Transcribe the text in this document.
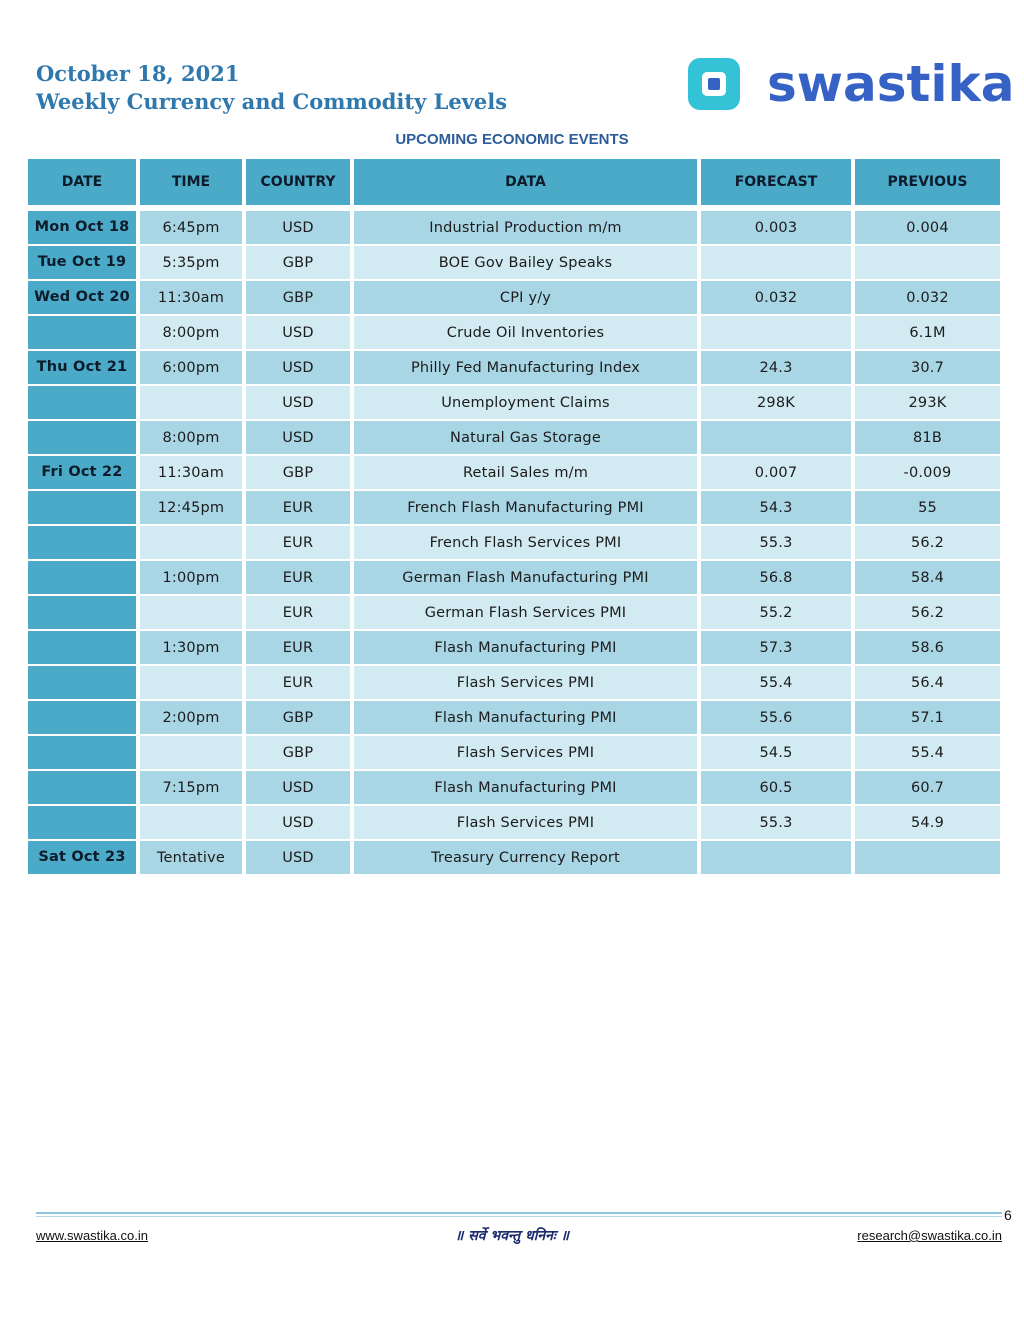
October 18, 2021
Weekly Currency and Commodity Levels	swastika
UPCOMING ECONOMIC EVENTS
DATE	TIME	COUNTRY	DATA	FORECAST	PREVIOUS
Mon Oct 18	6:45pm	USD	Industrial Production m/m	0.003	0.004
Tue Oct 19	5:35pm	GBP	BOE Gov Bailey Speaks		
Wed Oct 20	11:30am	GBP	CPI y/y	0.032	0.032
	8:00pm	USD	Crude Oil Inventories		6.1M
Thu Oct 21	6:00pm	USD	Philly Fed Manufacturing Index	24.3	30.7
		USD	Unemployment Claims	298K	293K
	8:00pm	USD	Natural Gas Storage		81B
Fri Oct 22	11:30am	GBP	Retail Sales m/m	0.007	-0.009
	12:45pm	EUR	French Flash Manufacturing PMI	54.3	55
		EUR	French Flash Services PMI	55.3	56.2
	1:00pm	EUR	German Flash Manufacturing PMI	56.8	58.4
		EUR	German Flash Services PMI	55.2	56.2
	1:30pm	EUR	Flash Manufacturing PMI	57.3	58.6
		EUR	Flash Services PMI	55.4	56.4
	2:00pm	GBP	Flash Manufacturing PMI	55.6	57.1
		GBP	Flash Services PMI	54.5	55.4
	7:15pm	USD	Flash Manufacturing PMI	60.5	60.7
		USD	Flash Services PMI	55.3	54.9
Sat Oct 23	Tentative	USD	Treasury Currency Report		
6
www.swastika.co.in	॥ सर्वे भवन्तु धनिनः ॥	research@swastika.co.in
